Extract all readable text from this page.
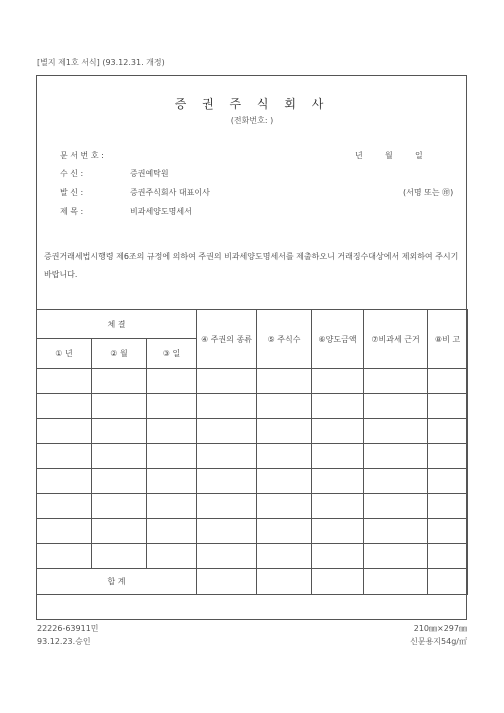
[별지 제1호 서식] (93.12.31. 개정)
증 권 주 식 회 사
(전화번호: )
문 서 번 호 :	년	월	일
수 신 :	증권예탁원
발 신 :	증권주식회사 대표이사	(서명 또는 ㊞)
제 목 :	비과세양도명세서
증권거래세법시행령 제6조의 규정에 의하여 주권의 비과세양도명세서를 제출하오니 거래징수대상에서 제외하여 주시기 바랍니다.
체 결			④ 주권의 종류	⑤ 주식수	⑥양도금액	⑦비과세 근거	⑧비 고
① 년	② 월	③ 일					

합 계							
22226-63911민
93.12.23.승인
210㎜×297㎜
신문용지54g/㎡
